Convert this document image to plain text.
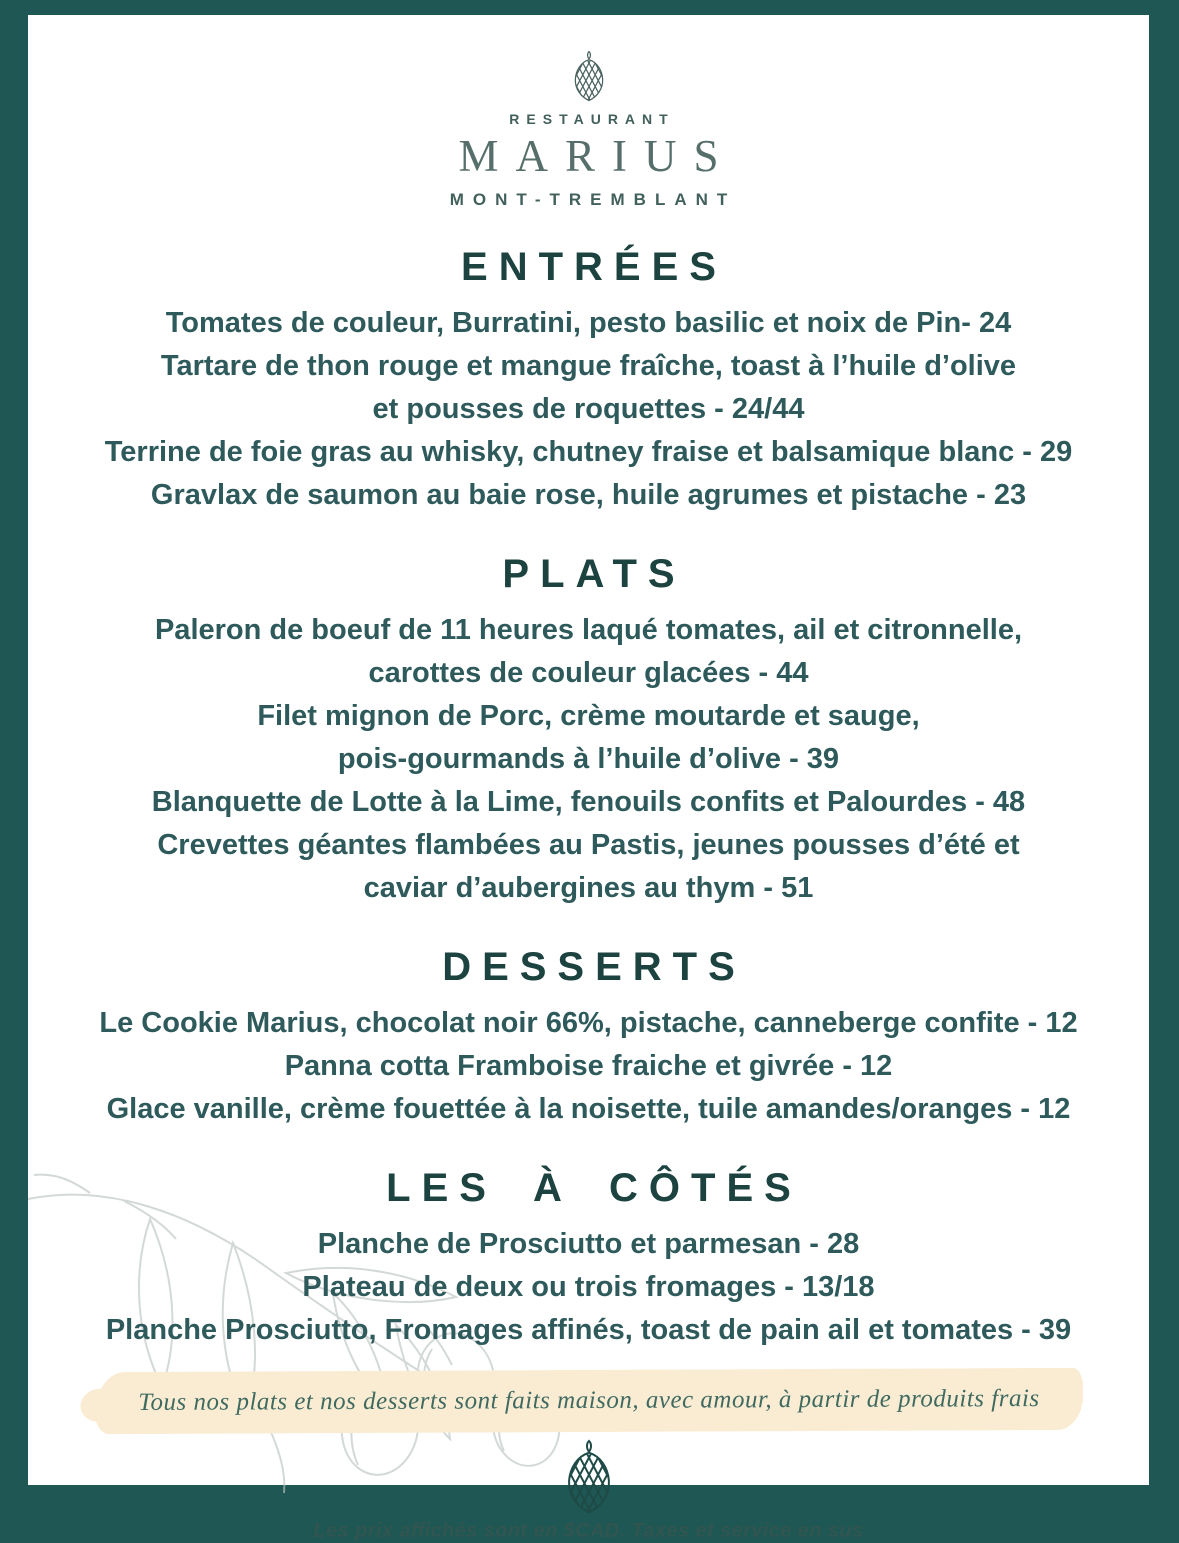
RESTAURANT
MARIUS
MONT-TREMBLANT
ENTRÉES
Tomates de couleur, Burratini, pesto basilic et noix de Pin- 24
Tartare de thon rouge et mangue fraîche, toast à l’huile d’olive
et pousses de roquettes - 24/44
Terrine de foie gras au whisky, chutney fraise et balsamique blanc - 29
Gravlax de saumon au baie rose, huile agrumes et pistache - 23
PLATS
Paleron de boeuf de 11 heures laqué tomates, ail et citronnelle,
carottes de couleur glacées - 44
Filet mignon de Porc, crème moutarde et sauge,
pois-gourmands à l’huile d’olive - 39
Blanquette de Lotte à la Lime, fenouils confits et Palourdes - 48
Crevettes géantes flambées au Pastis, jeunes pousses d’été et
caviar d’aubergines au thym - 51
DESSERTS
Le Cookie Marius, chocolat noir 66%, pistache, canneberge confite - 12
Panna cotta Framboise fraiche et givrée - 12
Glace vanille, crème fouettée à la noisette, tuile amandes/oranges - 12
LES À CÔTÉS
Planche de Prosciutto et parmesan - 28
Plateau de deux ou trois fromages - 13/18
Planche Prosciutto, Fromages affinés, toast de pain ail et tomates - 39
Tous nos plats et nos desserts sont faits maison, avec amour, à partir de produits frais
Les prix affichés sont en $CAD. Taxes et service en sus
